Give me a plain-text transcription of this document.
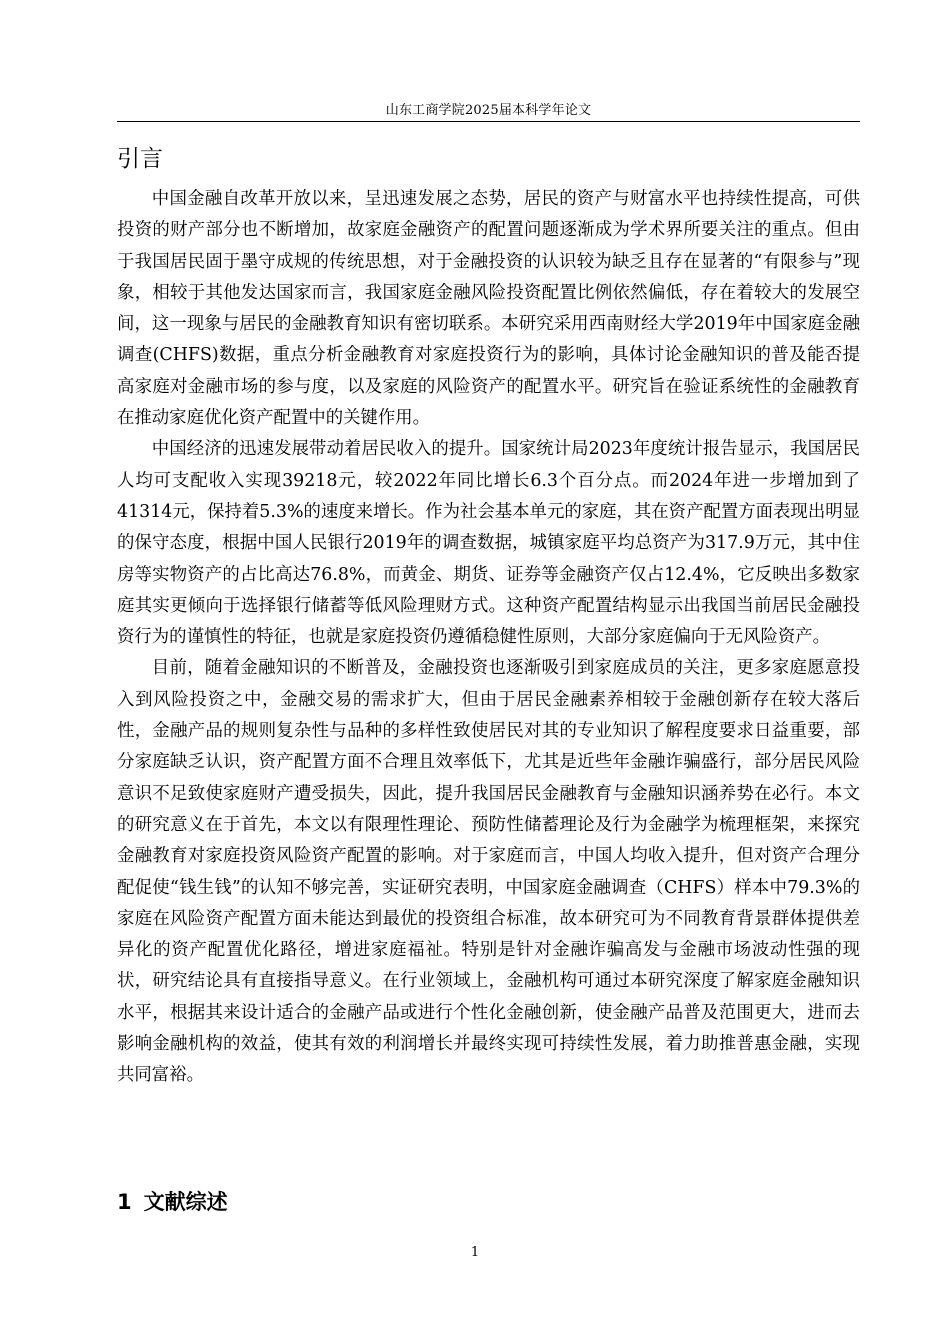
山东工商学院2025届本科学年论文
引言

中国金融自改革开放以来，呈迅速发展之态势，居民的资产与财富水平也持续性提高，可供投资的财产部分也不断增加，故家庭金融资产的配置问题逐渐成为学术界所要关注的重点。但由于我国居民固于墨守成规的传统思想，对于金融投资的认识较为缺乏且存在显著的“有限参与”现象，相较于其他发达国家而言，我国家庭金融风险投资配置比例依然偏低，存在着较大的发展空间，这一现象与居民的金融教育知识有密切联系。本研究采用西南财经大学2019年中国家庭金融调查(CHFS)数据，重点分析金融教育对家庭投资行为的影响，具体讨论金融知识的普及能否提高家庭对金融市场的参与度，以及家庭的风险资产的配置水平。研究旨在验证系统性的金融教育在推动家庭优化资产配置中的关键作用。

中国经济的迅速发展带动着居民收入的提升。国家统计局2023年度统计报告显示，我国居民人均可支配收入实现39218元，较2022年同比增长6.3个百分点。而2024年进一步增加到了41314元，保持着5.3%的速度来增长。作为社会基本单元的家庭，其在资产配置方面表现出明显的保守态度，根据中国人民银行2019年的调查数据，城镇家庭平均总资产为317.9万元，其中住房等实物资产的占比高达76.8%，而黄金、期货、证券等金融资产仅占12.4%，它反映出多数家庭其实更倾向于选择银行储蓄等低风险理财方式。这种资产配置结构显示出我国当前居民金融投资行为的谨慎性的特征，也就是家庭投资仍遵循稳健性原则，大部分家庭偏向于无风险资产。

目前，随着金融知识的不断普及，金融投资也逐渐吸引到家庭成员的关注，更多家庭愿意投入到风险投资之中，金融交易的需求扩大，但由于居民金融素养相较于金融创新存在较大落后性，金融产品的规则复杂性与品种的多样性致使居民对其的专业知识了解程度要求日益重要，部分家庭缺乏认识，资产配置方面不合理且效率低下，尤其是近些年金融诈骗盛行，部分居民风险意识不足致使家庭财产遭受损失，因此，提升我国居民金融教育与金融知识涵养势在必行。本文的研究意义在于首先，本文以有限理性理论、预防性储蓄理论及行为金融学为梳理框架，来探究金融教育对家庭投资风险资产配置的影响。对于家庭而言，中国人均收入提升，但对资产合理分配促使“钱生钱”的认知不够完善，实证研究表明，中国家庭金融调查（CHFS）样本中79.3%的家庭在风险资产配置方面未能达到最优的投资组合标准，故本研究可为不同教育背景群体提供差异化的资产配置优化路径，增进家庭福祉。特别是针对金融诈骗高发与金融市场波动性强的现状，研究结论具有直接指导意义。在行业领域上，金融机构可通过本研究深度了解家庭金融知识水平，根据其来设计适合的金融产品或进行个性化金融创新，使金融产品普及范围更大，进而去影响金融机构的效益，使其有效的利润增长并最终实现可持续性发展，着力助推普惠金融，实现共同富裕。

1 文献综述
1
